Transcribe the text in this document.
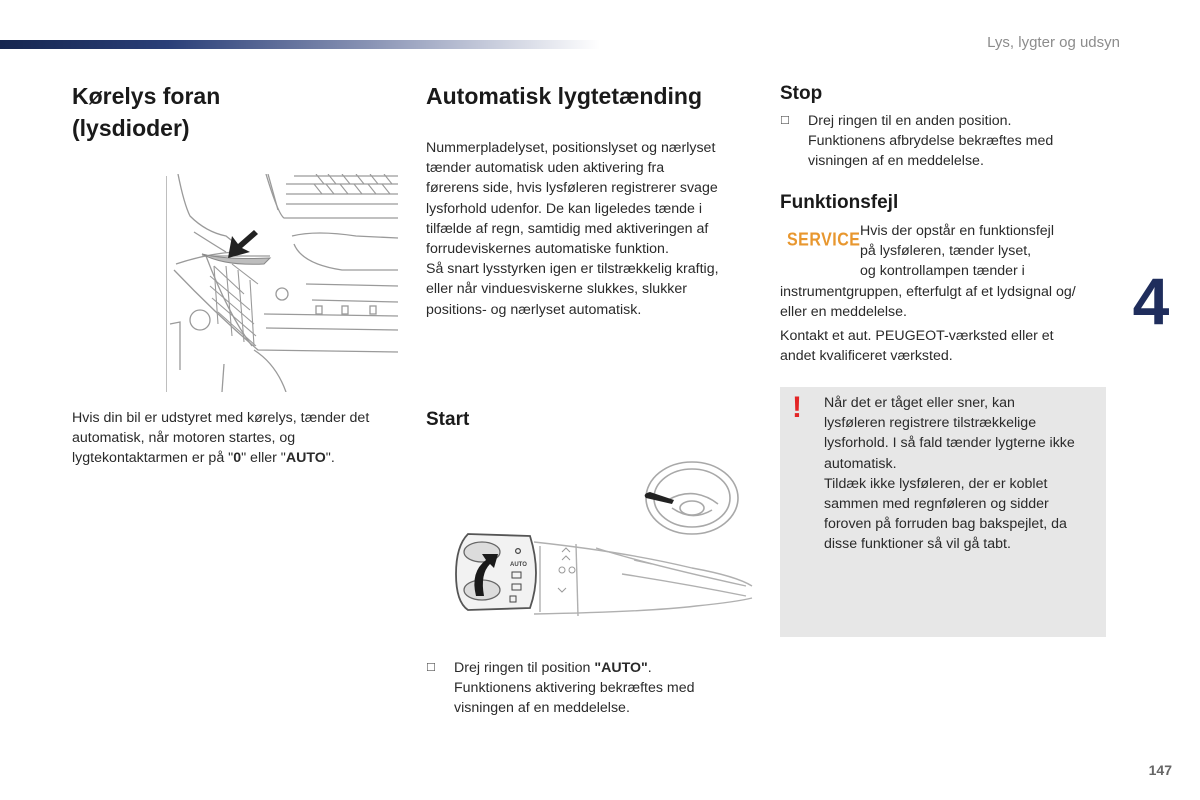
Lys, lygter og udsyn
4
147
Kørelys foran
(lysdioder)

Hvis din bil er udstyret med kørelys, tænder det automatisk, når motoren startes, og lygtekontaktarmen er på "0" eller "AUTO".

Automatisk lygtetænding

Nummerpladelyset, positionslyset og nærlyset
tænder automatisk uden aktivering fra
førerens side, hvis lysføleren registrerer svage
lysforhold udenfor. De kan ligeledes tænde i
tilfælde af regn, samtidig med aktiveringen af
forrudeviskernes automatiske funktion.
Så snart lysstyrken igen er tilstrækkelig kraftig,
eller når vinduesviskerne slukkes, slukker
positions- og nærlyset automatisk.

Start
AUTO
☐ Drej ringen til position "AUTO".
Funktionens aktivering bekræftes med
visningen af en meddelelse.
Stop
☐ Drej ringen til en anden position.
Funktionens afbrydelse bekræftes med
visningen af en meddelelse.
Funktionsfejl
SERVICE Hvis der opstår en funktionsfejl
på lysføleren, tænder lyset,
og kontrollampen tænder i

instrumentgruppen, efterfulgt af et lydsignal og/
eller en meddelelse.

Kontakt et aut. PEUGEOT-værksted eller et
andet kvalificeret værksted.

! Når det er tåget eller sner, kan
lysføleren registrere tilstrækkelige
lysforhold. I så fald tænder lygterne ikke
automatisk.
Tildæk ikke lysføleren, der er koblet
sammen med regnføleren og sidder
foroven på forruden bag bakspejlet, da
disse funktioner så vil gå tabt.
